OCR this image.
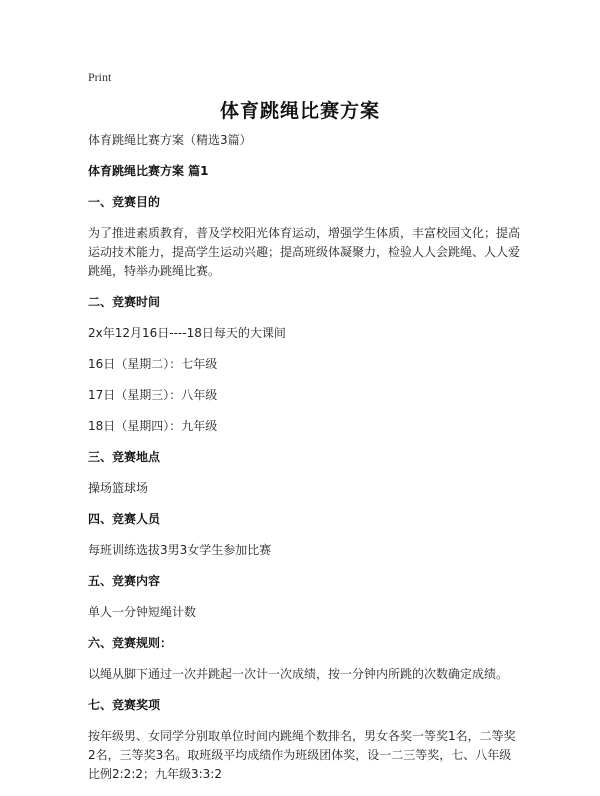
Print
体育跳绳比赛方案

体育跳绳比赛方案（精选3篇）

体育跳绳比赛方案 篇1

一、竞赛目的

为了推进素质教育，普及学校阳光体育运动，增强学生体质，丰富校园文化；提高运动技术能力，提高学生运动兴趣；提高班级体凝聚力，检验人人会跳绳、人人爱跳绳，特举办跳绳比赛。

二、竞赛时间

2x年12月16日----18日每天的大课间

16日（星期二）：七年级

17日（星期三）：八年级

18日（星期四）：九年级

三、竞赛地点

操场篮球场

四、竞赛人员

每班训练选拔3男3女学生参加比赛

五、竞赛内容

单人一分钟短绳计数

六、竞赛规则：

以绳从脚下通过一次并跳起一次计一次成绩，按一分钟内所跳的次数确定成绩。

七、竞赛奖项

按年级男、女同学分别取单位时间内跳绳个数排名，男女各奖一等奖1名，二等奖2名，三等奖3名。取班级平均成绩作为班级团体奖，设一二三等奖，七、八年级比例2:2:2；九年级3:3:2
